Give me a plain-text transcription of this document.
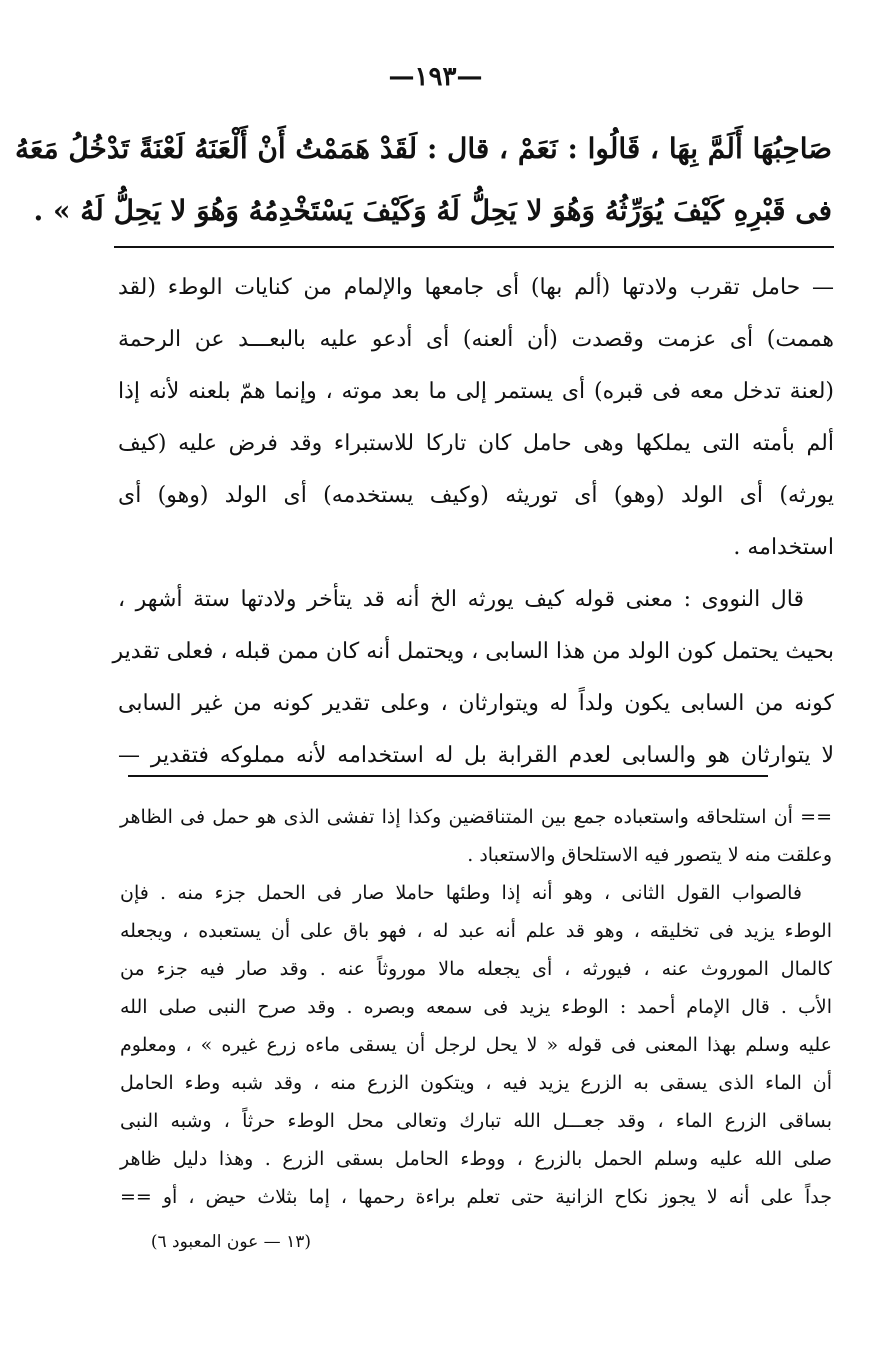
—١٩٣—
صَاحِبُهَا أَلَمَّ بِهَا ، قَالُوا : نَعَمْ ، قال : لَقَدْ هَمَمْتُ أَنْ أَلْعَنَهُ لَعْنَةً تَدْخُلُ مَعَهُ
فى قَبْرِهِ كَيْفَ يُوَرِّثُهُ وَهُوَ لا يَحِلُّ لَهُ وَكَيْفَ يَسْتَخْدِمُهُ وَهُوَ لا يَحِلُّ لَهُ » .
— حامل تقرب ولادتها (ألم بها) أى جامعها والإلمام من كنايات الوطء (لقد
هممت) أى عزمت وقصدت (أن ألعنه) أى أدعو عليه بالبعـــد عن الرحمة
(لعنة تدخل معه فى قبره) أى يستمر إلى ما بعد موته ، وإنما همّ بلعنه لأنه إذا
ألم بأمته التى يملكها وهى حامل كان تاركا للاستبراء وقد فرض عليه (كيف
يورثه) أى الولد (وهو) أى توريثه (وكيف يستخدمه) أى الولد (وهو) أى
استخدامه .
قال النووى : معنى قوله كيف يورثه الخ أنه قد يتأخر ولادتها ستة أشهر ،
بحيث يحتمل كون الولد من هذا السابى ، ويحتمل أنه كان ممن قبله ، فعلى تقدير
كونه من السابى يكون ولداً له ويتوارثان ، وعلى تقدير كونه من غير السابى
لا يتوارثان هو والسابى لعدم القرابة بل له استخدامه لأنه مملوكه فتقدير —
== أن استلحاقه واستعباده جمع بين المتناقضين وكذا إذا تفشى الذى هو حمل فى الظاهر
وعلقت منه لا يتصور فيه الاستلحاق والاستعباد .
فالصواب القول الثانى ، وهو أنه إذا وطئها حاملا صار فى الحمل جزء منه . فإن
الوطء يزيد فى تخليقه ، وهو قد علم أنه عبد له ، فهو باق على أن يستعبده ، ويجعله
كالمال الموروث عنه ، فيورثه ، أى يجعله مالا موروثاً عنه . وقد صار فيه جزء من
الأب . قال الإمام أحمد : الوطء يزيد فى سمعه وبصره . وقد صرح النبى صلى الله
عليه وسلم بهذا المعنى فى قوله « لا يحل لرجل أن يسقى ماءه زرع غيره » ، ومعلوم
أن الماء الذى يسقى به الزرع يزيد فيه ، ويتكون الزرع منه ، وقد شبه وطء الحامل
بساقى الزرع الماء ، وقد جعـــل الله تبارك وتعالى محل الوطء حرثاً ، وشبه النبى
صلى الله عليه وسلم الحمل بالزرع ، ووطء الحامل بسقى الزرع . وهذا دليل ظاهر
جداً على أنه لا يجوز نكاح الزانية حتى تعلم براءة رحمها ، إما بثلاث حيض ، أو ==
(١٣ — عون المعبود ٦)
